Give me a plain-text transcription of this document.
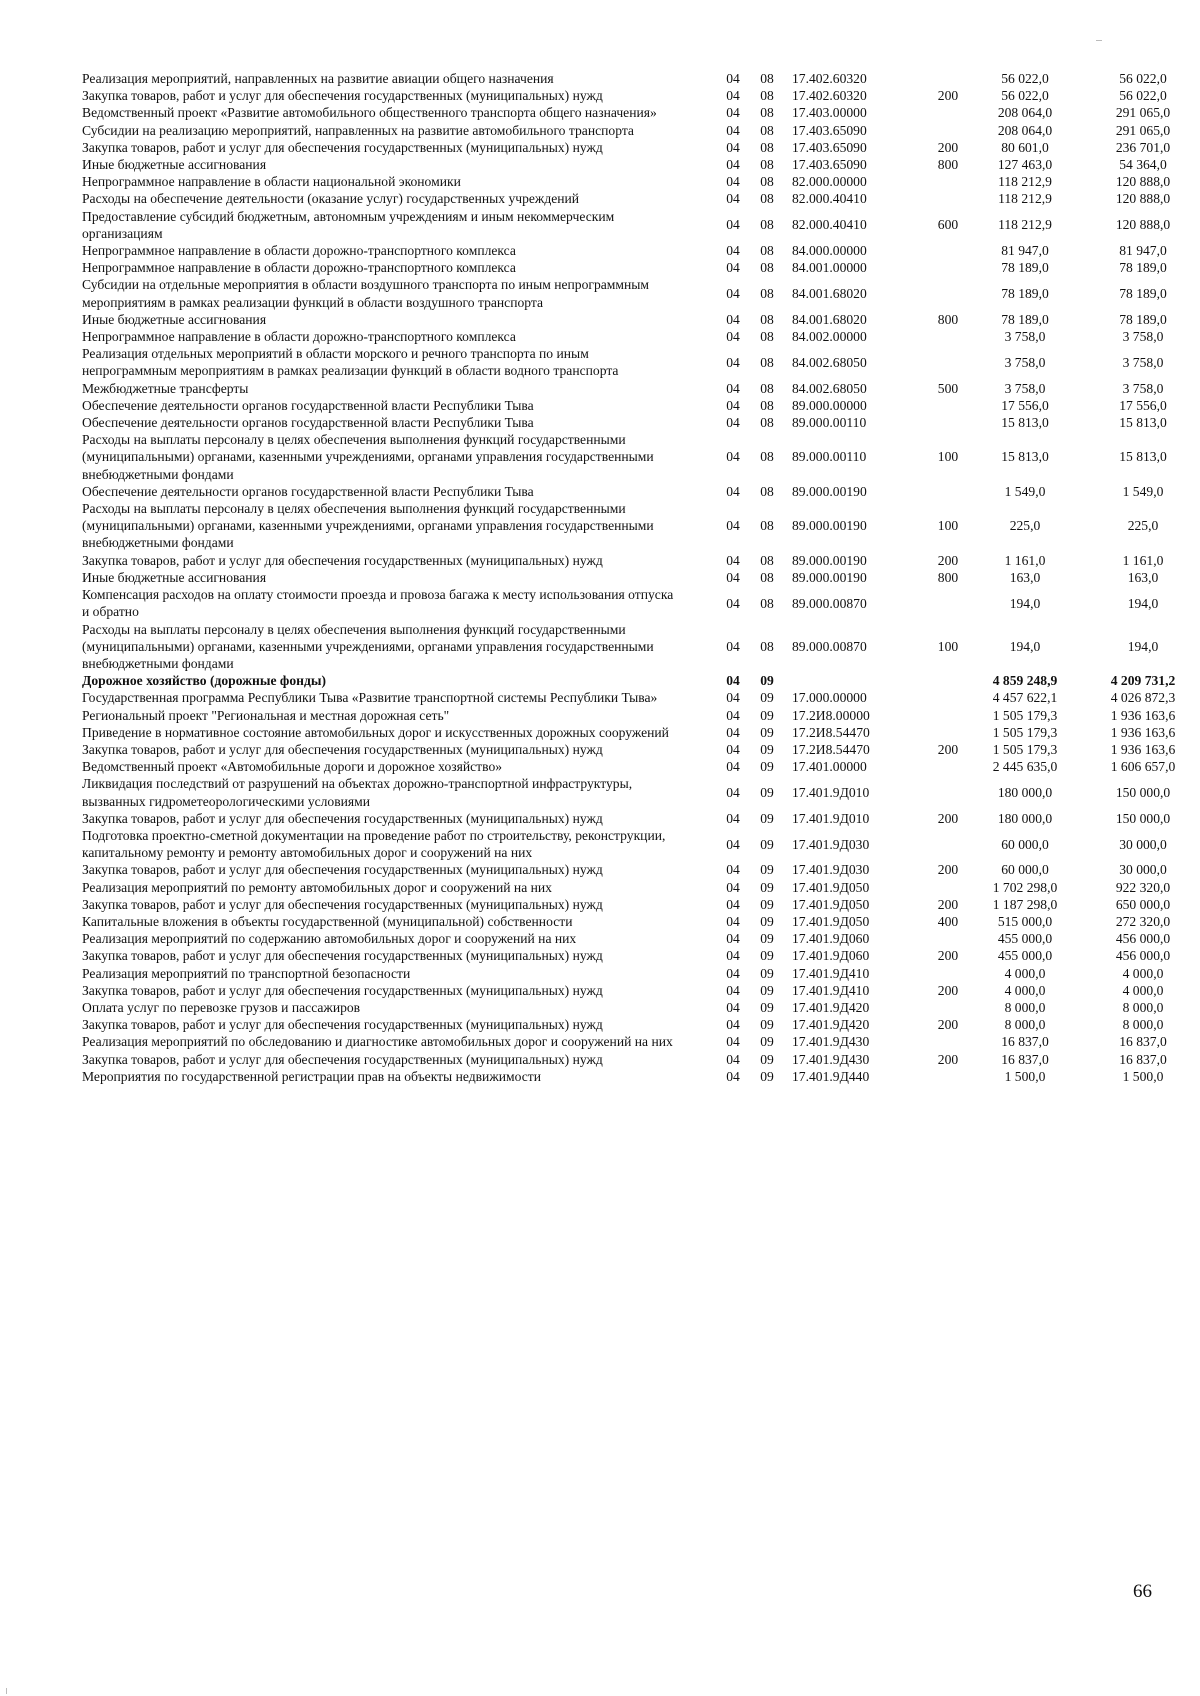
Реализация мероприятий, направленных на развитие авиации общего назначения	04	08	17.402.60320		56 022,0	56 022,0
Закупка товаров, работ и услуг для обеспечения государственных (муниципальных) нужд	04	08	17.402.60320	200	56 022,0	56 022,0
Ведомственный проект «Развитие автомобильного общественного транспорта общего назначения»	04	08	17.403.00000		208 064,0	291 065,0
Субсидии на реализацию мероприятий, направленных на развитие автомобильного транспорта	04	08	17.403.65090		208 064,0	291 065,0
Закупка товаров, работ и услуг для обеспечения государственных (муниципальных) нужд	04	08	17.403.65090	200	80 601,0	236 701,0
Иные бюджетные ассигнования	04	08	17.403.65090	800	127 463,0	54 364,0
Непрограммное направление в области национальной экономики	04	08	82.000.00000		118 212,9	120 888,0
Расходы на обеспечение деятельности (оказание услуг) государственных учреждений	04	08	82.000.40410		118 212,9	120 888,0
Предоставление субсидий бюджетным, автономным учреждениям и иным некоммерческим организациям	04	08	82.000.40410	600	118 212,9	120 888,0
Непрограммное направление в области дорожно-транспортного комплекса	04	08	84.000.00000		81 947,0	81 947,0
Непрограммное направление в области дорожно-транспортного комплекса	04	08	84.001.00000		78 189,0	78 189,0
Субсидии на отдельные мероприятия в области воздушного транспорта по иным непрограммным мероприятиям в рамках реализации функций в области воздушного транспорта	04	08	84.001.68020		78 189,0	78 189,0
Иные бюджетные ассигнования	04	08	84.001.68020	800	78 189,0	78 189,0
Непрограммное направление в области дорожно-транспортного комплекса	04	08	84.002.00000		3 758,0	3 758,0
Реализация отдельных мероприятий в области морского и речного транспорта по иным непрограммным мероприятиям в рамках реализации функций в области водного транспорта	04	08	84.002.68050		3 758,0	3 758,0
Межбюджетные трансферты	04	08	84.002.68050	500	3 758,0	3 758,0
Обеспечение деятельности органов государственной власти Республики Тыва	04	08	89.000.00000		17 556,0	17 556,0
Обеспечение деятельности органов государственной власти Республики Тыва	04	08	89.000.00110		15 813,0	15 813,0
Расходы на выплаты персоналу в целях обеспечения выполнения функций государственными (муниципальными) органами, казенными учреждениями, органами управления государственными внебюджетными фондами	04	08	89.000.00110	100	15 813,0	15 813,0
Обеспечение деятельности органов государственной власти Республики Тыва	04	08	89.000.00190		1 549,0	1 549,0
Расходы на выплаты персоналу в целях обеспечения выполнения функций государственными (муниципальными) органами, казенными учреждениями, органами управления государственными внебюджетными фондами	04	08	89.000.00190	100	225,0	225,0
Закупка товаров, работ и услуг для обеспечения государственных (муниципальных) нужд	04	08	89.000.00190	200	1 161,0	1 161,0
Иные бюджетные ассигнования	04	08	89.000.00190	800	163,0	163,0
Компенсация расходов на оплату стоимости проезда и провоза багажа к месту использования отпуска и обратно	04	08	89.000.00870		194,0	194,0
Расходы на выплаты персоналу в целях обеспечения выполнения функций государственными (муниципальными) органами, казенными учреждениями, органами управления государственными внебюджетными фондами	04	08	89.000.00870	100	194,0	194,0
Дорожное хозяйство (дорожные фонды)	04	09			4 859 248,9	4 209 731,2
Государственная программа Республики Тыва «Развитие транспортной системы Республики Тыва»	04	09	17.000.00000		4 457 622,1	4 026 872,3
Региональный проект "Региональная и местная дорожная сеть"	04	09	17.2И8.00000		1 505 179,3	1 936 163,6
Приведение в нормативное состояние автомобильных дорог и искусственных дорожных сооружений	04	09	17.2И8.54470		1 505 179,3	1 936 163,6
Закупка товаров, работ и услуг для обеспечения государственных (муниципальных) нужд	04	09	17.2И8.54470	200	1 505 179,3	1 936 163,6
Ведомственный проект «Автомобильные дороги и дорожное хозяйство»	04	09	17.401.00000		2 445 635,0	1 606 657,0
Ликвидация последствий от разрушений на объектах дорожно-транспортной инфраструктуры, вызванных гидрометеорологическими условиями	04	09	17.401.9Д010		180 000,0	150 000,0
Закупка товаров, работ и услуг для обеспечения государственных (муниципальных) нужд	04	09	17.401.9Д010	200	180 000,0	150 000,0
Подготовка проектно-сметной документации на проведение работ по строительству, реконструкции, капитальному ремонту и ремонту автомобильных дорог и сооружений на них	04	09	17.401.9Д030		60 000,0	30 000,0
Закупка товаров, работ и услуг для обеспечения государственных (муниципальных) нужд	04	09	17.401.9Д030	200	60 000,0	30 000,0
Реализация мероприятий по ремонту автомобильных дорог и сооружений на них	04	09	17.401.9Д050		1 702 298,0	922 320,0
Закупка товаров, работ и услуг для обеспечения государственных (муниципальных) нужд	04	09	17.401.9Д050	200	1 187 298,0	650 000,0
Капитальные вложения в объекты государственной (муниципальной) собственности	04	09	17.401.9Д050	400	515 000,0	272 320,0
Реализация мероприятий по содержанию автомобильных дорог и сооружений на них	04	09	17.401.9Д060		455 000,0	456 000,0
Закупка товаров, работ и услуг для обеспечения государственных (муниципальных) нужд	04	09	17.401.9Д060	200	455 000,0	456 000,0
Реализация мероприятий по транспортной безопасности	04	09	17.401.9Д410		4 000,0	4 000,0
Закупка товаров, работ и услуг для обеспечения государственных (муниципальных) нужд	04	09	17.401.9Д410	200	4 000,0	4 000,0
Оплата услуг по перевозке грузов и пассажиров	04	09	17.401.9Д420		8 000,0	8 000,0
Закупка товаров, работ и услуг для обеспечения государственных (муниципальных) нужд	04	09	17.401.9Д420	200	8 000,0	8 000,0
Реализация мероприятий по обследованию и диагностике автомобильных дорог и сооружений на них	04	09	17.401.9Д430		16 837,0	16 837,0
Закупка товаров, работ и услуг для обеспечения государственных (муниципальных) нужд	04	09	17.401.9Д430	200	16 837,0	16 837,0
Мероприятия по государственной регистрации прав на объекты недвижимости	04	09	17.401.9Д440		1 500,0	1 500,0
66
